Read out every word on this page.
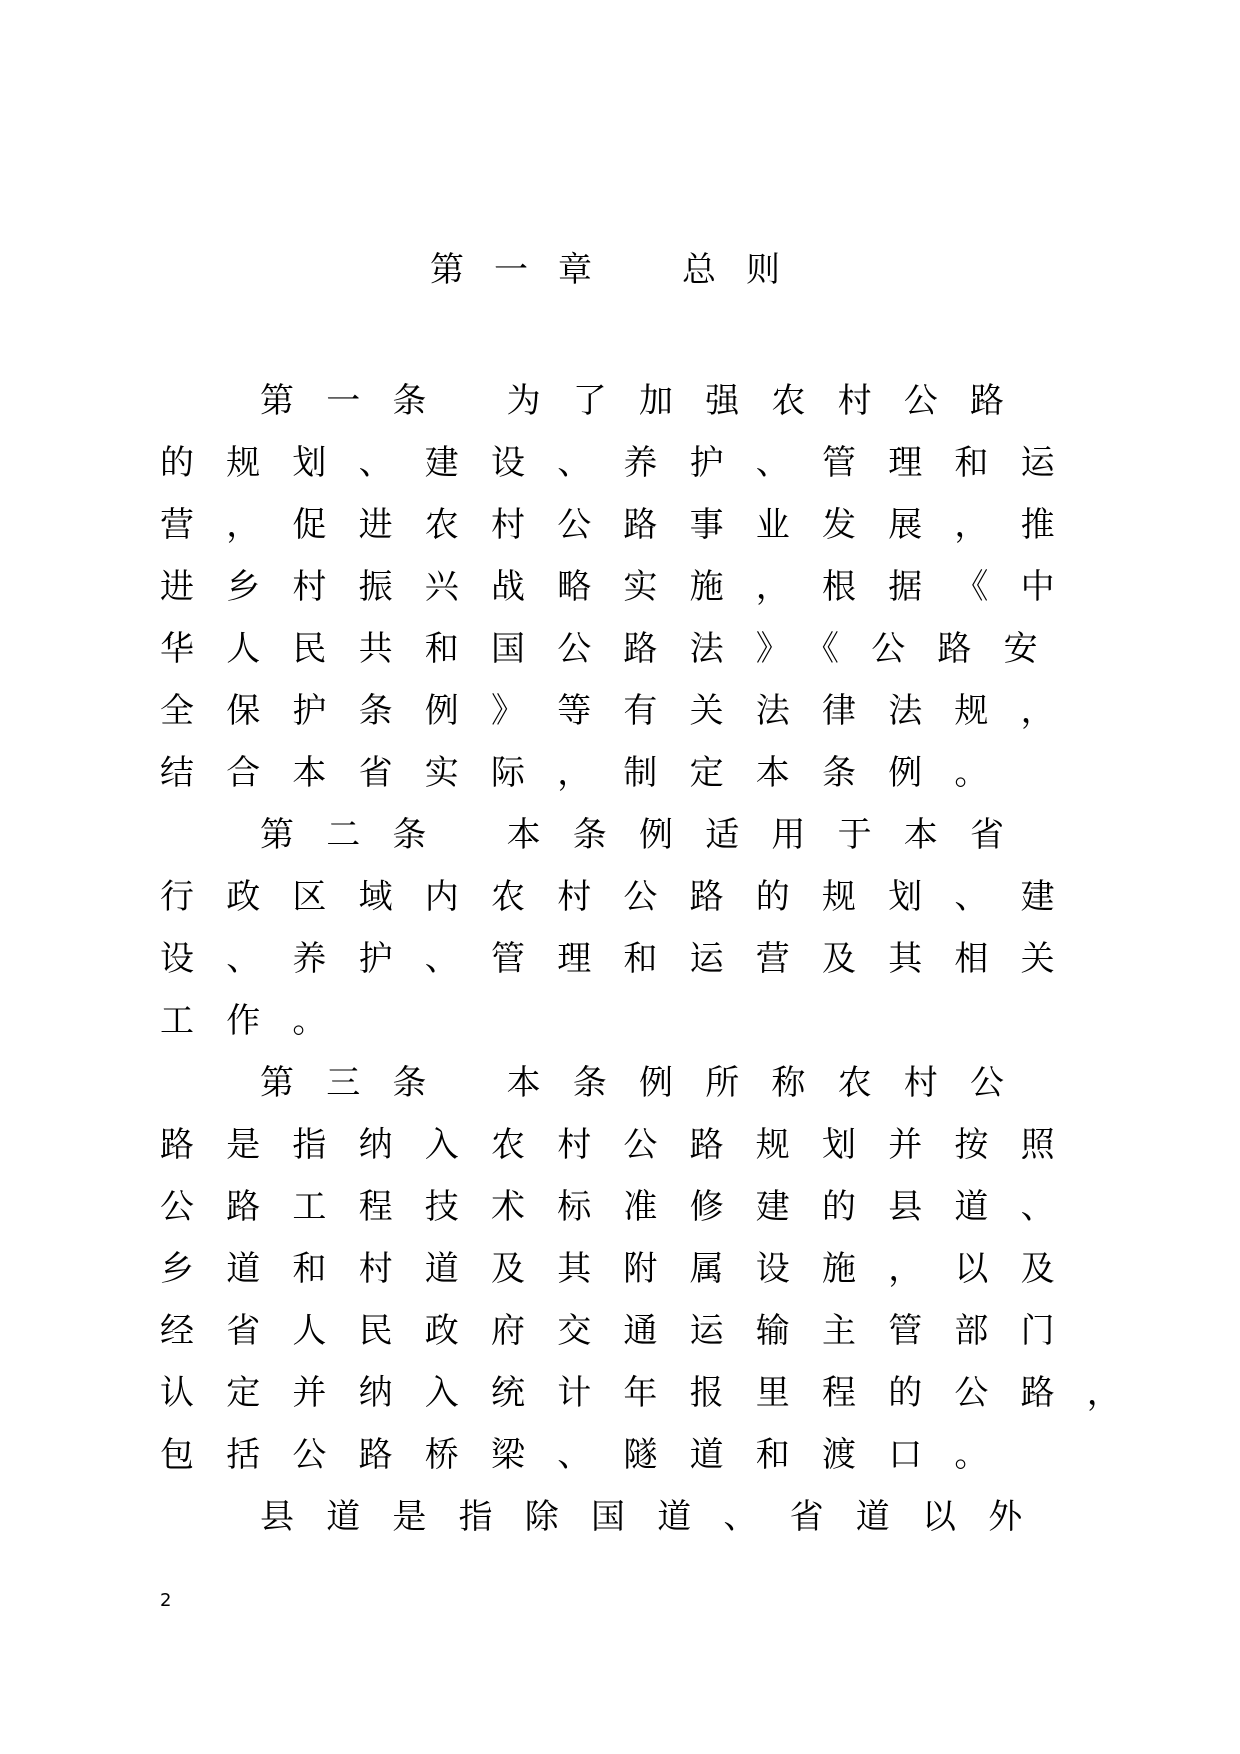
第一章 总则
第一条 为了加强农村公路
的规划、建设、养护、管理和运
营，促进农村公路事业发展，推
进乡村振兴战略实施，根据《中
华人民共和国公路法》《公路安
全保护条例》等有关法律法规，
结合本省实际，制定本条例。
第二条 本条例适用于本省
行政区域内农村公路的规划、建
设、养护、管理和运营及其相关
工作。
第三条 本条例所称农村公
路是指纳入农村公路规划并按照
公路工程技术标准修建的县道、
乡道和村道及其附属设施，以及
经省人民政府交通运输主管部门
认定并纳入统计年报里程的公路，
包括公路桥梁、隧道和渡口。
县道是指除国道、省道以外
2
